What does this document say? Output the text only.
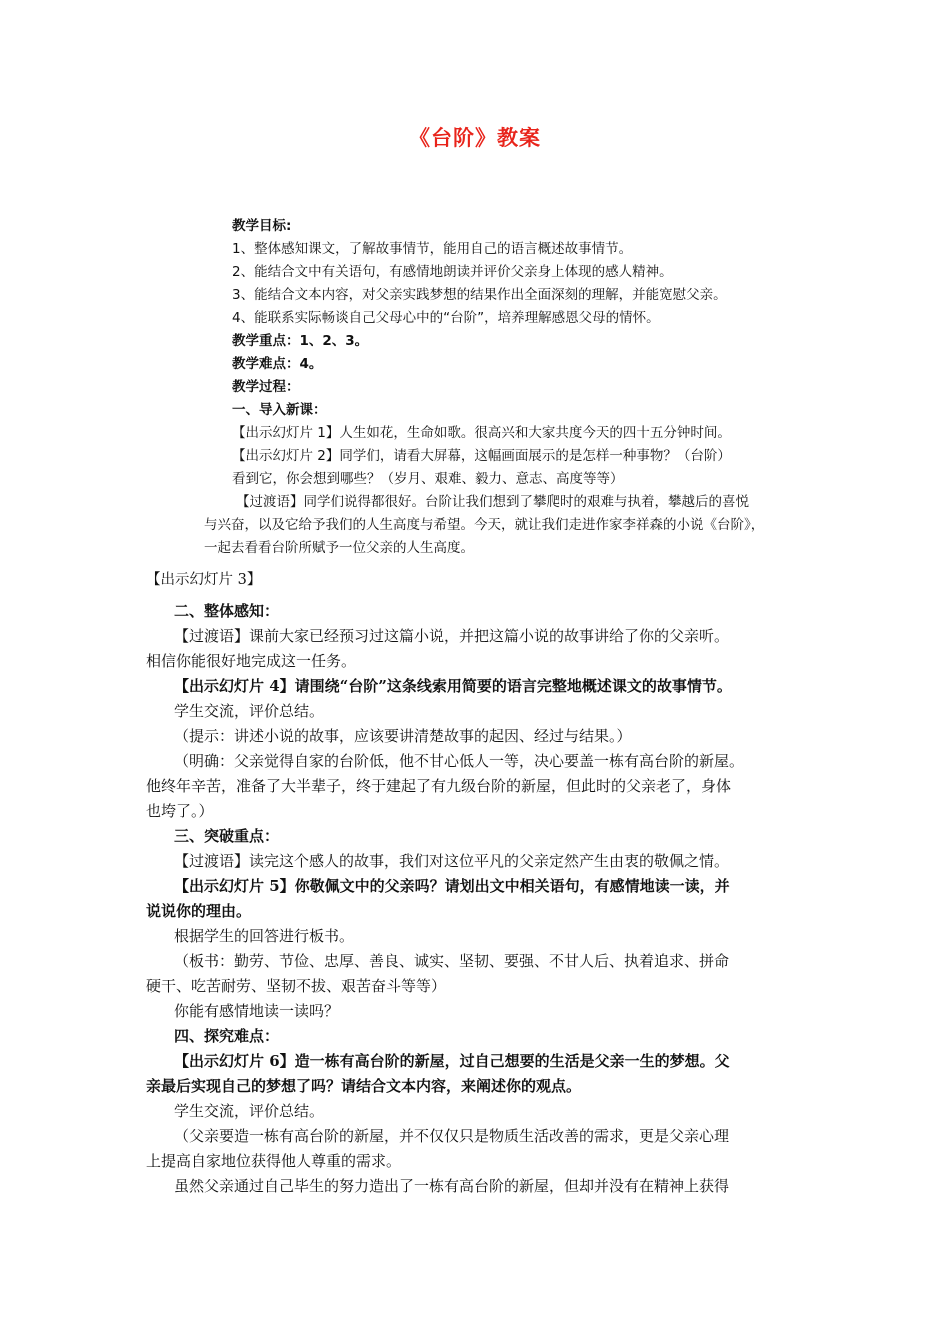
《台阶》教案
教学目标:
1、整体感知课文，了解故事情节，能用自己的语言概述故事情节。
2、能结合文中有关语句，有感情地朗读并评价父亲身上体现的感人精神。
3、能结合文本内容，对父亲实践梦想的结果作出全面深刻的理解，并能宽慰父亲。
4、能联系实际畅谈自己父母心中的“台阶”，培养理解感恩父母的情怀。
教学重点：1、2、3。
教学难点：4。
教学过程：
一、导入新课：
【出示幻灯片 1】人生如花，生命如歌。很高兴和大家共度今天的四十五分钟时间。
【出示幻灯片 2】同学们，请看大屏幕，这幅画面展示的是怎样一种事物？（台阶）
看到它，你会想到哪些？（岁月、艰难、毅力、意志、高度等等）
【过渡语】同学们说得都很好。台阶让我们想到了攀爬时的艰难与执着，攀越后的喜悦
与兴奋，以及它给予我们的人生高度与希望。今天，就让我们走进作家李祥森的小说《台阶》，
一起去看看台阶所赋予一位父亲的人生高度。
【出示幻灯片 3】
二、整体感知：
【过渡语】课前大家已经预习过这篇小说，并把这篇小说的故事讲给了你的父亲听。
相信你能很好地完成这一任务。
【出示幻灯片 4】请围绕“台阶”这条线索用简要的语言完整地概述课文的故事情节。
学生交流，评价总结。
（提示：讲述小说的故事，应该要讲清楚故事的起因、经过与结果。）
（明确：父亲觉得自家的台阶低，他不甘心低人一等，决心要盖一栋有高台阶的新屋。
他终年辛苦，准备了大半辈子，终于建起了有九级台阶的新屋，但此时的父亲老了，身体
也垮了。）
三、突破重点：
【过渡语】读完这个感人的故事，我们对这位平凡的父亲定然产生由衷的敬佩之情。
【出示幻灯片 5】你敬佩文中的父亲吗？请划出文中相关语句，有感情地读一读，并
说说你的理由。
根据学生的回答进行板书。
（板书：勤劳、节俭、忠厚、善良、诚实、坚韧、要强、不甘人后、执着追求、拼命
硬干、吃苦耐劳、坚韧不拔、艰苦奋斗等等）
你能有感情地读一读吗？
四、探究难点：
【出示幻灯片 6】造一栋有高台阶的新屋，过自己想要的生活是父亲一生的梦想。父
亲最后实现自己的梦想了吗？请结合文本内容，来阐述你的观点。
学生交流，评价总结。
（父亲要造一栋有高台阶的新屋，并不仅仅只是物质生活改善的需求，更是父亲心理
上提高自家地位获得他人尊重的需求。
虽然父亲通过自己毕生的努力造出了一栋有高台阶的新屋，但却并没有在精神上获得
